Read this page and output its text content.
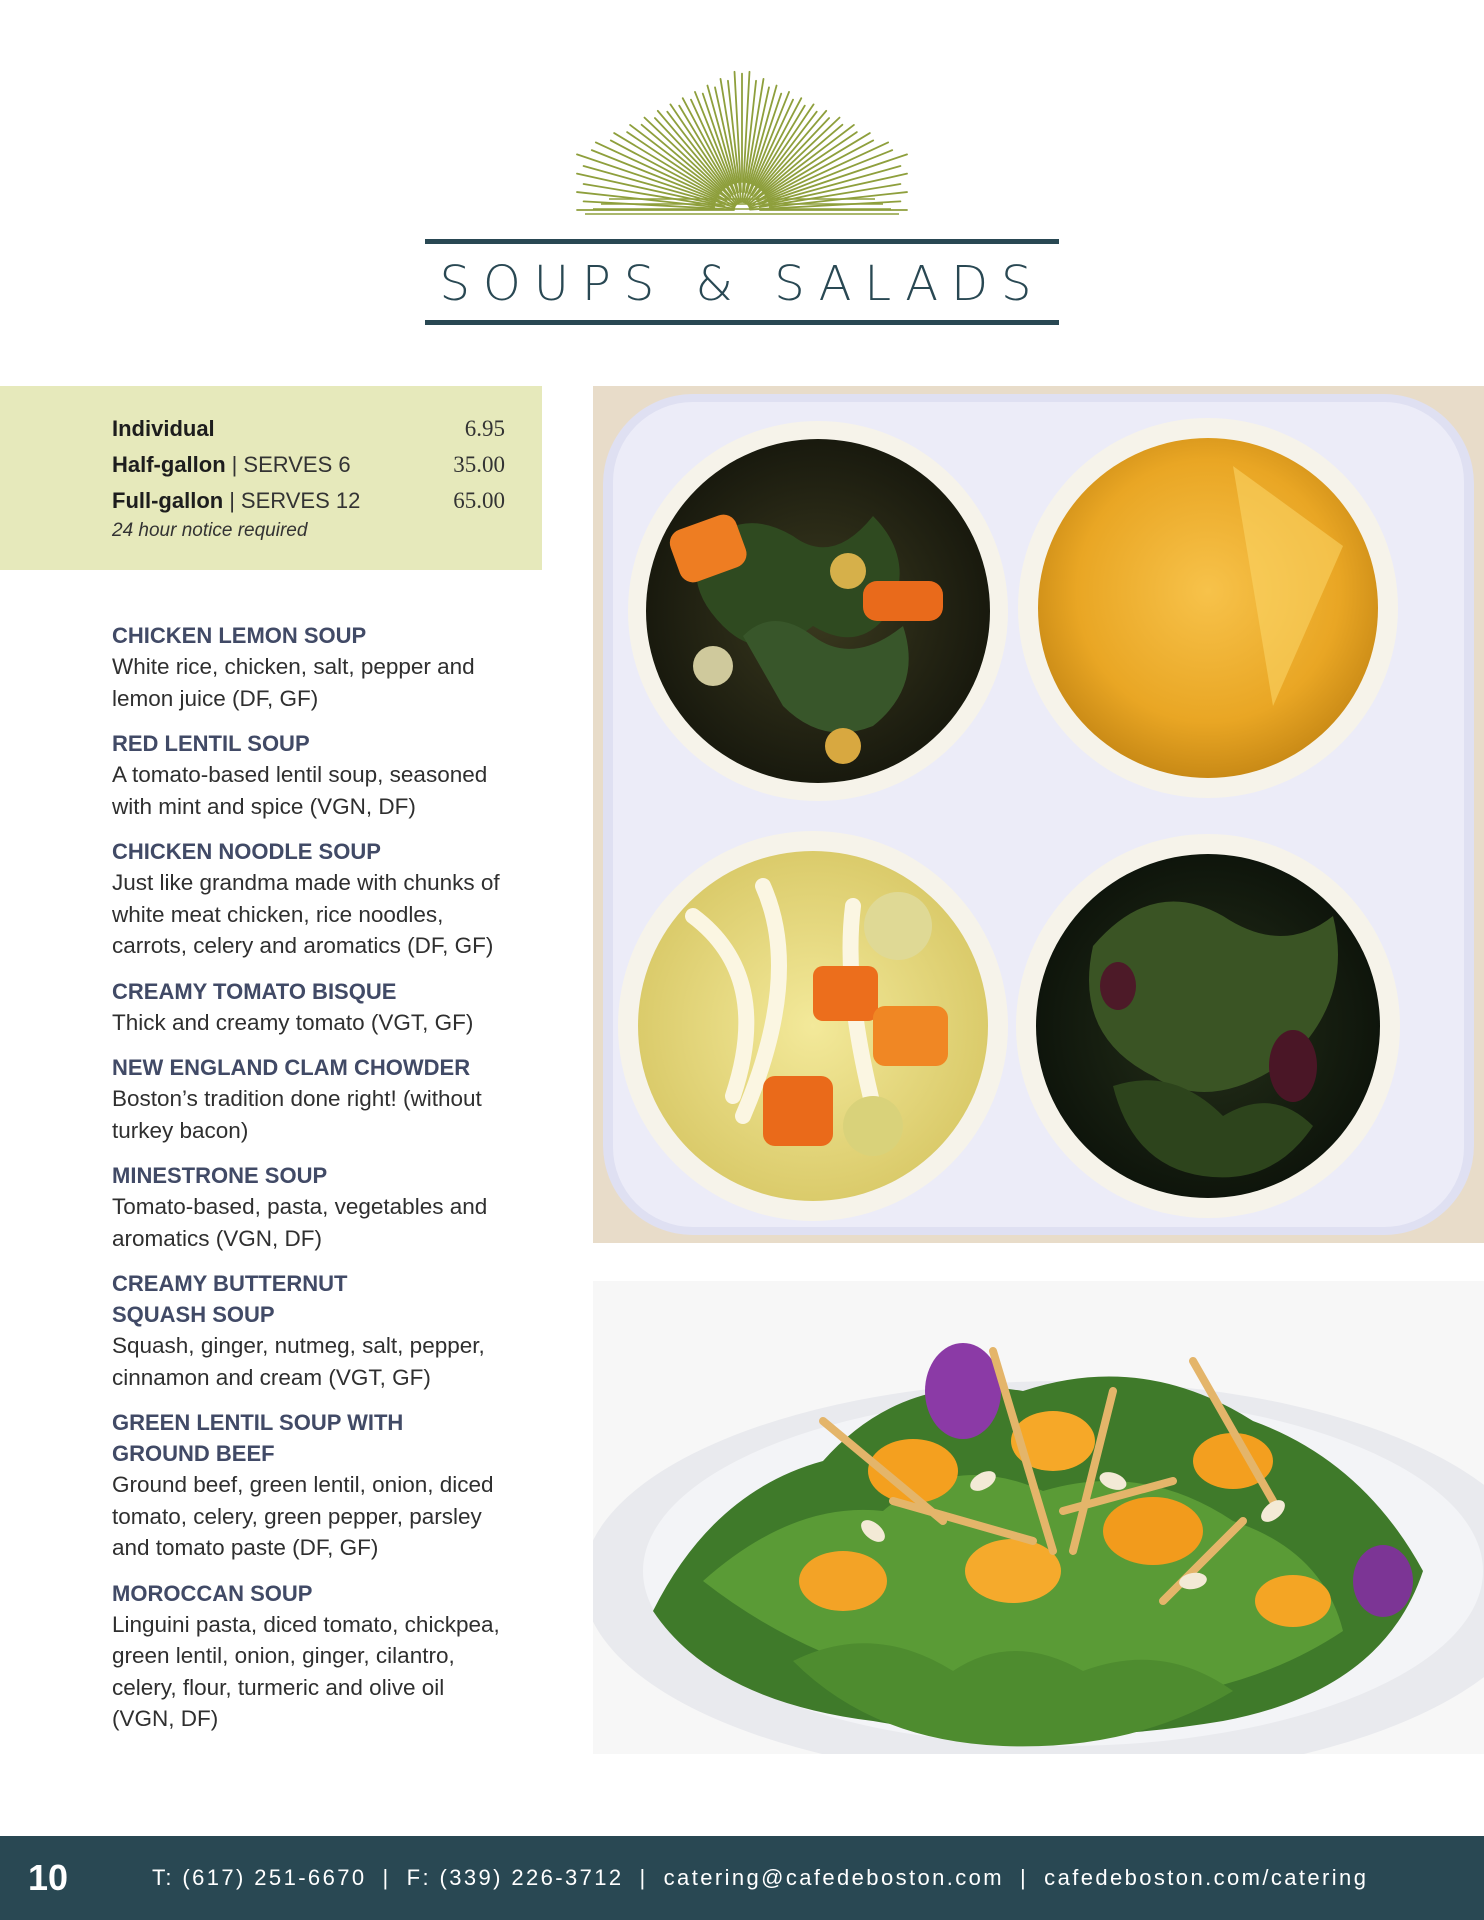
SOUPS & SALADS
Individual	6.95
Half-gallon | SERVES 6	35.00
Full-gallon | SERVES 12	65.00
24 hour notice required
CHICKEN LEMON SOUP
White rice, chicken, salt, pepper and lemon juice (DF, GF)
RED LENTIL SOUP
A tomato-based lentil soup, seasoned with mint and spice (VGN, DF)
CHICKEN NOODLE SOUP
Just like grandma made with chunks of white meat chicken, rice noodles, carrots, celery and aromatics (DF, GF)
CREAMY TOMATO BISQUE
Thick and creamy tomato (VGT, GF)
NEW ENGLAND CLAM CHOWDER
Boston’s tradition done right! (without turkey bacon)
MINESTRONE SOUP
Tomato-based, pasta, vegetables and aromatics (VGN, DF)
CREAMY BUTTERNUT SQUASH SOUP
Squash, ginger, nutmeg, salt, pepper, cinnamon and cream (VGT, GF)
GREEN LENTIL SOUP WITH GROUND BEEF
Ground beef, green lentil, onion, diced tomato, celery, green pepper, parsley and tomato paste (DF, GF)
MOROCCAN SOUP
Linguini pasta, diced tomato, chickpea, green lentil, onion, ginger, cilantro, celery, flour, turmeric and olive oil (VGN, DF)
10	T: (617) 251-6670 | F: (339) 226-3712 | catering@cafedeboston.com | cafedeboston.com/catering
